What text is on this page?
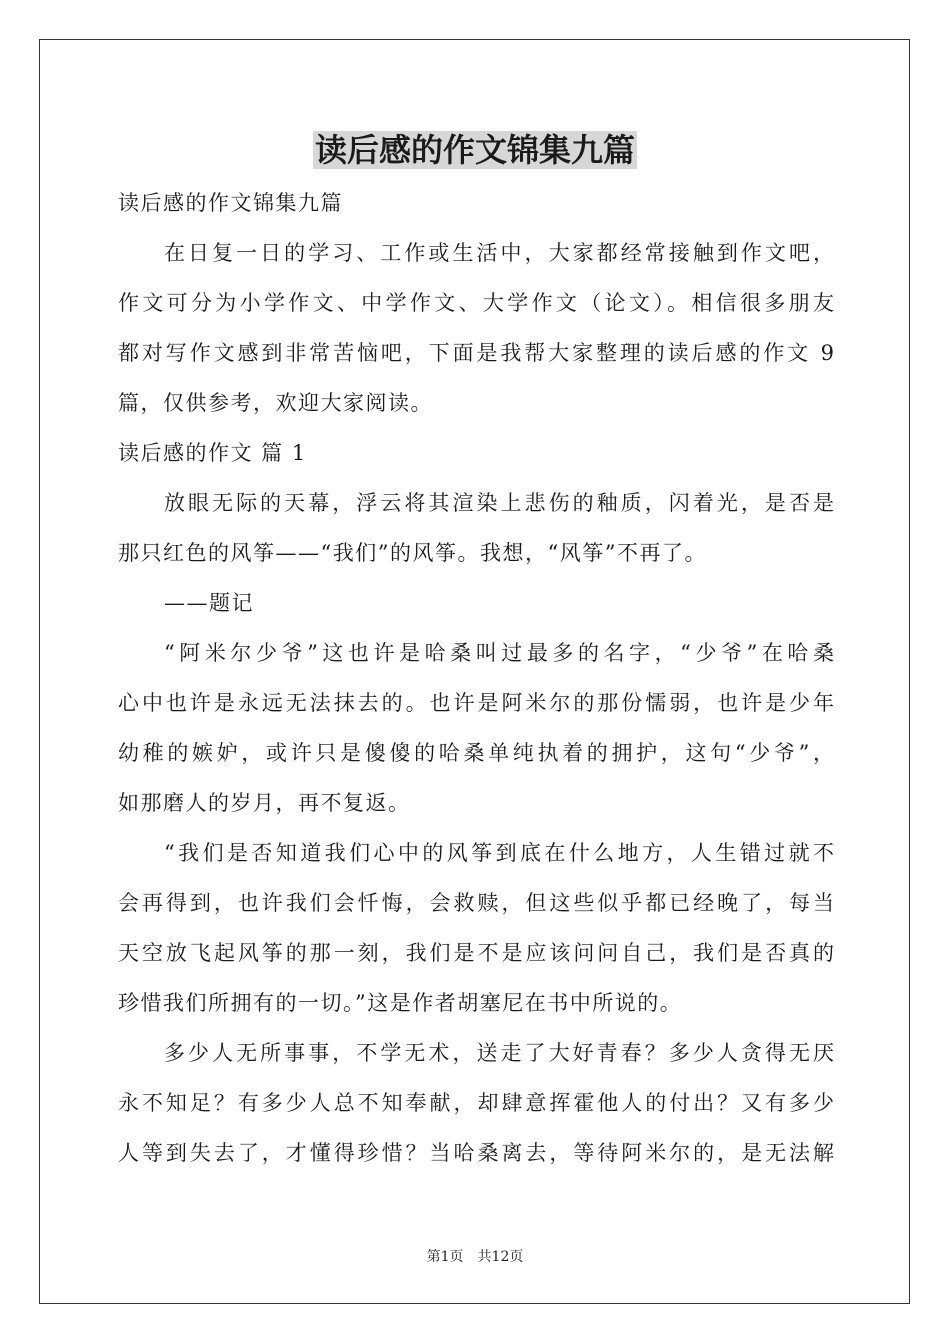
读后感的作文锦集九篇
读后感的作文锦集九篇
在日复一日的学习、工作或生活中，大家都经常接触到作文吧，
作文可分为小学作文、中学作文、大学作文（论文）。相信很多朋友
都对写作文感到非常苦恼吧，下面是我帮大家整理的读后感的作文 9
篇，仅供参考，欢迎大家阅读。
读后感的作文 篇 1
放眼无际的天幕，浮云将其渲染上悲伤的釉质，闪着光，是否是
那只红色的风筝——“我们”的风筝。我想，“风筝”不再了。
——题记
“阿米尔少爷”这也许是哈桑叫过最多的名字，“少爷”在哈桑
心中也许是永远无法抹去的。也许是阿米尔的那份懦弱，也许是少年
幼稚的嫉妒，或许只是傻傻的哈桑单纯执着的拥护，这句“少爷”，
如那磨人的岁月，再不复返。
“我们是否知道我们心中的风筝到底在什么地方，人生错过就不
会再得到，也许我们会忏悔，会救赎，但这些似乎都已经晚了，每当
天空放飞起风筝的那一刻，我们是不是应该问问自己，我们是否真的
珍惜我们所拥有的一切。”这是作者胡塞尼在书中所说的。
多少人无所事事，不学无术，送走了大好青春？多少人贪得无厌
永不知足？有多少人总不知奉献，却肆意挥霍他人的付出？又有多少
人等到失去了，才懂得珍惜？当哈桑离去，等待阿米尔的，是无法解
第1页 共12页
